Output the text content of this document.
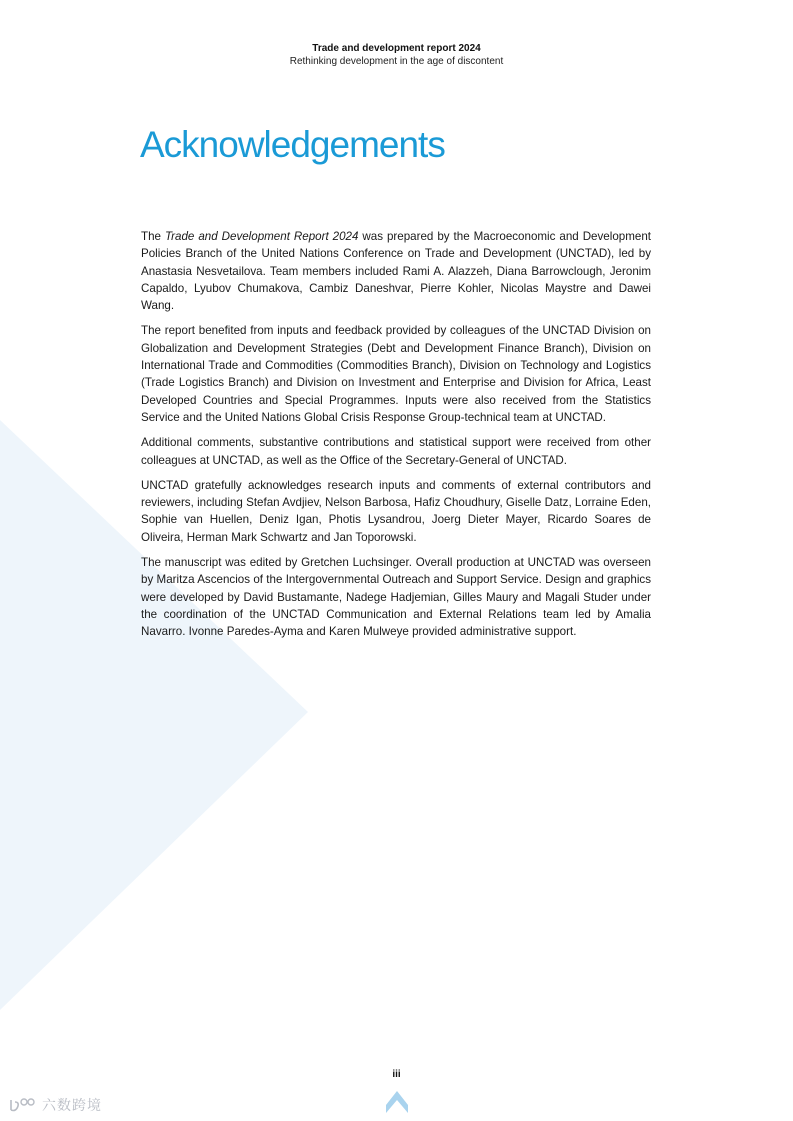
Trade and development report 2024
Rethinking development in the age of discontent
Acknowledgements

The Trade and Development Report 2024 was prepared by the Macroeconomic and Development Policies Branch of the United Nations Conference on Trade and Development (UNCTAD), led by Anastasia Nesvetailova. Team members included Rami A. Alazzeh, Diana Barrowclough, Jeronim Capaldo, Lyubov Chumakova, Cambiz Daneshvar, Pierre Kohler, Nicolas Maystre and Dawei Wang.

The report benefited from inputs and feedback provided by colleagues of the UNCTAD Division on Globalization and Development Strategies (Debt and Development Finance Branch), Division on International Trade and Commodities (Commodities Branch), Division on Technology and Logistics (Trade Logistics Branch) and Division on Investment and Enterprise and Division for Africa, Least Developed Countries and Special Programmes. Inputs were also received from the Statistics Service and the United Nations Global Crisis Response Group-technical team at UNCTAD.

Additional comments, substantive contributions and statistical support were received from other colleagues at UNCTAD, as well as the Office of the Secretary-General of UNCTAD.

UNCTAD gratefully acknowledges research inputs and comments of external contributors and reviewers, including Stefan Avdjiev, Nelson Barbosa, Hafiz Choudhury, Giselle Datz, Lorraine Eden, Sophie van Huellen, Deniz Igan, Photis Lysandrou, Joerg Dieter Mayer, Ricardo Soares de Oliveira, Herman Mark Schwartz and Jan Toporowski.

The manuscript was edited by Gretchen Luchsinger. Overall production at UNCTAD was overseen by Maritza Ascencios of the Intergovernmental Outreach and Support Service. Design and graphics were developed by David Bustamante, Nadege Hadjemian, Gilles Maury and Magali Studer under the coordination of the UNCTAD Communication and External Relations team led by Amalia Navarro. Ivonne Paredes-Ayma and Karen Mulweye provided administrative support.

iii
六数跨境
